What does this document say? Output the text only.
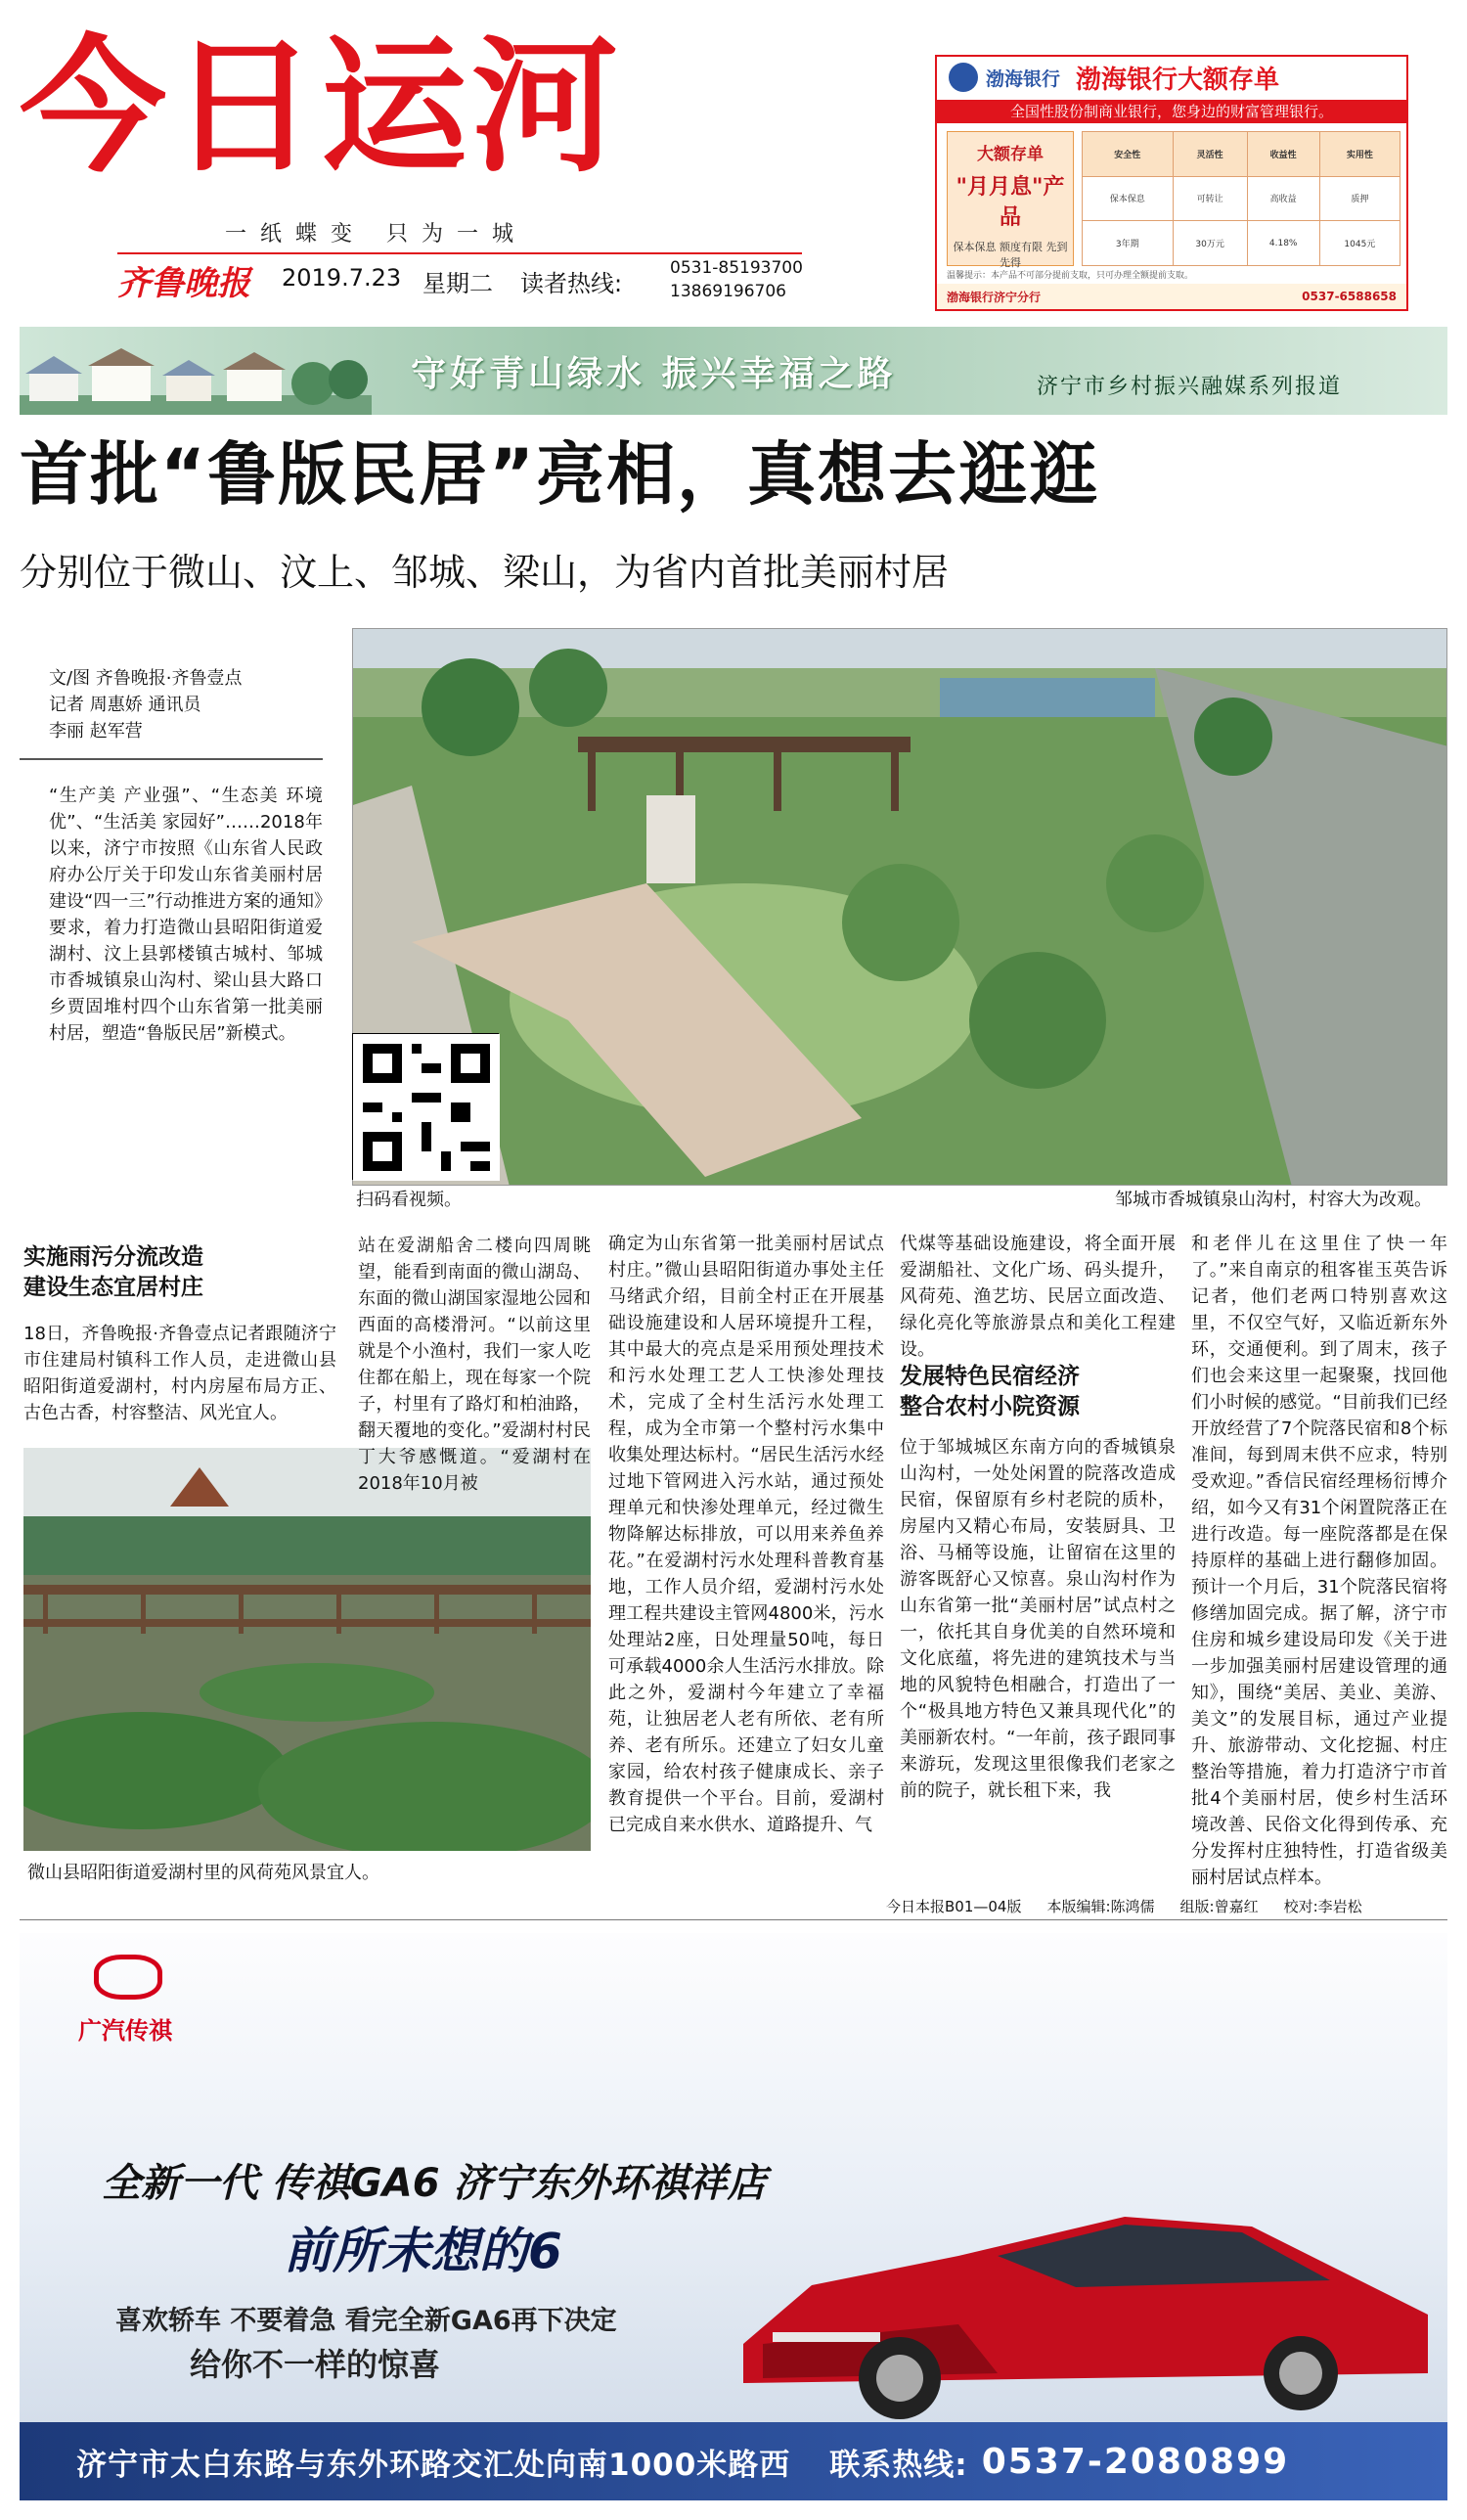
今日运河
一纸蝶变 只为一城
齐鲁晚报 2019.7.23 星期二 读者热线:
0531-85193700
13869196706
渤海银行 渤海银行大额存单
全国性股份制商业银行，您身边的财富管理银行。
大额存单
"月月息"产品
保本保息 额度有限 先到先得
安全性	灵活性	收益性	实用性
保本保息	可转让	高收益	质押
3年期	30万元	4.18%	1045元
温馨提示：本产品不可部分提前支取，只可办理全额提前支取。
渤海银行济宁分行	0537-6588658
守好青山绿水 振兴幸福之路	济宁市乡村振兴融媒系列报道
首批“鲁版民居”亮相，真想去逛逛
分别位于微山、汶上、邹城、梁山，为省内首批美丽村居
文/图 齐鲁晚报·齐鲁壹点
记者 周惠娇 通讯员
李丽 赵军营
“生产美 产业强”、“生态美 环境优”、“生活美 家园好”……2018年以来，济宁市按照《山东省人民政府办公厅关于印发山东省美丽村居建设“四一三”行动推进方案的通知》要求，着力打造微山县昭阳街道爱湖村、汶上县郭楼镇古城村、邹城市香城镇泉山沟村、梁山县大路口乡贾固堆村四个山东省第一批美丽村居，塑造“鲁版民居”新模式。
扫码看视频。	邹城市香城镇泉山沟村，村容大为改观。
实施雨污分流改造
建设生态宜居村庄
18日，齐鲁晚报·齐鲁壹点记者跟随济宁市住建局村镇科工作人员，走进微山县昭阳街道爱湖村，村内房屋布局方正、古色古香，村容整洁、风光宜人。
微山县昭阳街道爱湖村里的风荷苑风景宜人。
站在爱湖船舍二楼向四周眺望，能看到南面的微山湖岛、东面的微山湖国家湿地公园和西面的高楼滑河。“以前这里就是个小渔村，我们一家人吃住都在船上，现在每家一个院子，村里有了路灯和柏油路，翻天覆地的变化。”爱湖村村民丁大爷感慨道。“爱湖村在2018年10月被
确定为山东省第一批美丽村居试点村庄。”微山县昭阳街道办事处主任马绪武介绍，目前全村正在开展基础设施建设和人居环境提升工程，其中最大的亮点是采用预处理技术和污水处理工艺人工快渗处理技术，完成了全村生活污水处理工程，成为全市第一个整村污水集中收集处理达标村。“居民生活污水经过地下管网进入污水站，通过预处理单元和快渗处理单元，经过微生物降解达标排放，可以用来养鱼养花。”在爱湖村污水处理科普教育基地，工作人员介绍，爱湖村污水处理工程共建设主管网4800米，污水处理站2座，日处理量50吨，每日可承载4000余人生活污水排放。除此之外，爱湖村今年建立了幸福苑，让独居老人老有所依、老有所养、老有所乐。还建立了妇女儿童家园，给农村孩子健康成长、亲子教育提供一个平台。目前，爱湖村已完成自来水供水、道路提升、气
代煤等基础设施建设，将全面开展爱湖船社、文化广场、码头提升，风荷苑、渔艺坊、民居立面改造、绿化亮化等旅游景点和美化工程建设。
发展特色民宿经济
整合农村小院资源
位于邹城城区东南方向的香城镇泉山沟村，一处处闲置的院落改造成民宿，保留原有乡村老院的质朴，房屋内又精心布局，安装厨具、卫浴、马桶等设施，让留宿在这里的游客既舒心又惊喜。泉山沟村作为山东省第一批“美丽村居”试点村之一，依托其自身优美的自然环境和文化底蕴，将先进的建筑技术与当地的风貌特色相融合，打造出了一个“极具地方特色又兼具现代化”的美丽新农村。“一年前，孩子跟同事来游玩，发现这里很像我们老家之前的院子，就长租下来，我
和老伴儿在这里住了快一年了。”来自南京的租客崔玉英告诉记者，他们老两口特别喜欢这里，不仅空气好，又临近新东外环，交通便利。到了周末，孩子们也会来这里一起聚聚，找回他们小时候的感觉。“目前我们已经开放经营了7个院落民宿和8个标准间，每到周末供不应求，特别受欢迎。”香信民宿经理杨衍博介绍，如今又有31个闲置院落正在进行改造。每一座院落都是在保持原样的基础上进行翻修加固。预计一个月后，31个院落民宿将修缮加固完成。据了解，济宁市住房和城乡建设局印发《关于进一步加强美丽村居建设管理的通知》，围绕“美居、美业、美游、美文”的发展目标，通过产业提升、旅游带动、文化挖掘、村庄整治等措施，着力打造济宁市首批4个美丽村居，使乡村生活环境改善、民俗文化得到传承、充分发挥村庄独特性，打造省级美丽村居试点样本。
今日本报B01—04版 本版编辑:陈鸿儒 组版:曾嘉红 校对:李岩松
广汽传祺
全新一代 传祺GA6 济宁东外环祺祥店
前所未想的6
喜欢轿车 不要着急 看完全新GA6再下决定
给你不一样的惊喜
济宁市太白东路与东外环路交汇处向南1000米路西 联系热线: 0537-2080899
